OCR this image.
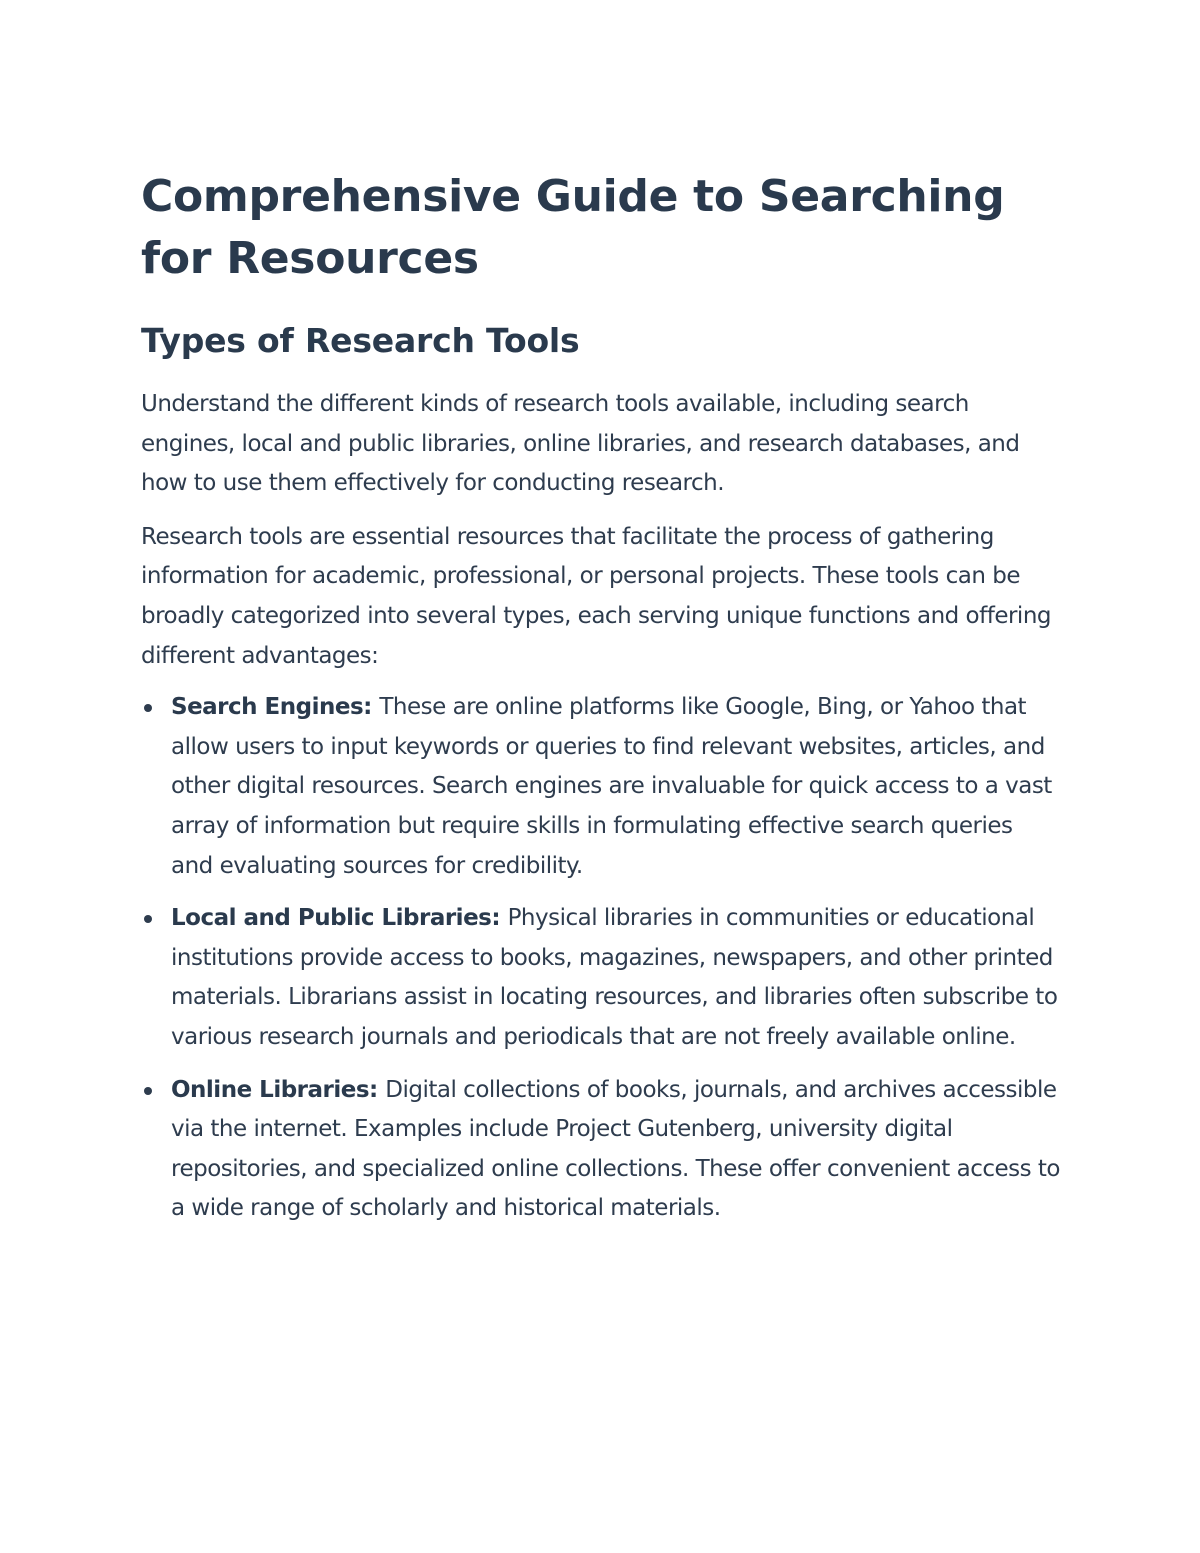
Comprehensive Guide to Searching for Resources
Types of Research Tools

Understand the different kinds of research tools available, including search engines, local and public libraries, online libraries, and research databases, and how to use them effectively for conducting research.

Research tools are essential resources that facilitate the process of gathering information for academic, professional, or personal projects. These tools can be broadly categorized into several types, each serving unique functions and offering different advantages:

Search Engines: These are online platforms like Google, Bing, or Yahoo that allow users to input keywords or queries to find relevant websites, articles, and other digital resources. Search engines are invaluable for quick access to a vast array of information but require skills in formulating effective search queries and evaluating sources for credibility.
Local and Public Libraries: Physical libraries in communities or educational institutions provide access to books, magazines, newspapers, and other printed materials. Librarians assist in locating resources, and libraries often subscribe to various research journals and periodicals that are not freely available online.
Online Libraries: Digital collections of books, journals, and archives accessible via the internet. Examples include Project Gutenberg, university digital repositories, and specialized online collections. These offer convenient access to a wide range of scholarly and historical materials.
